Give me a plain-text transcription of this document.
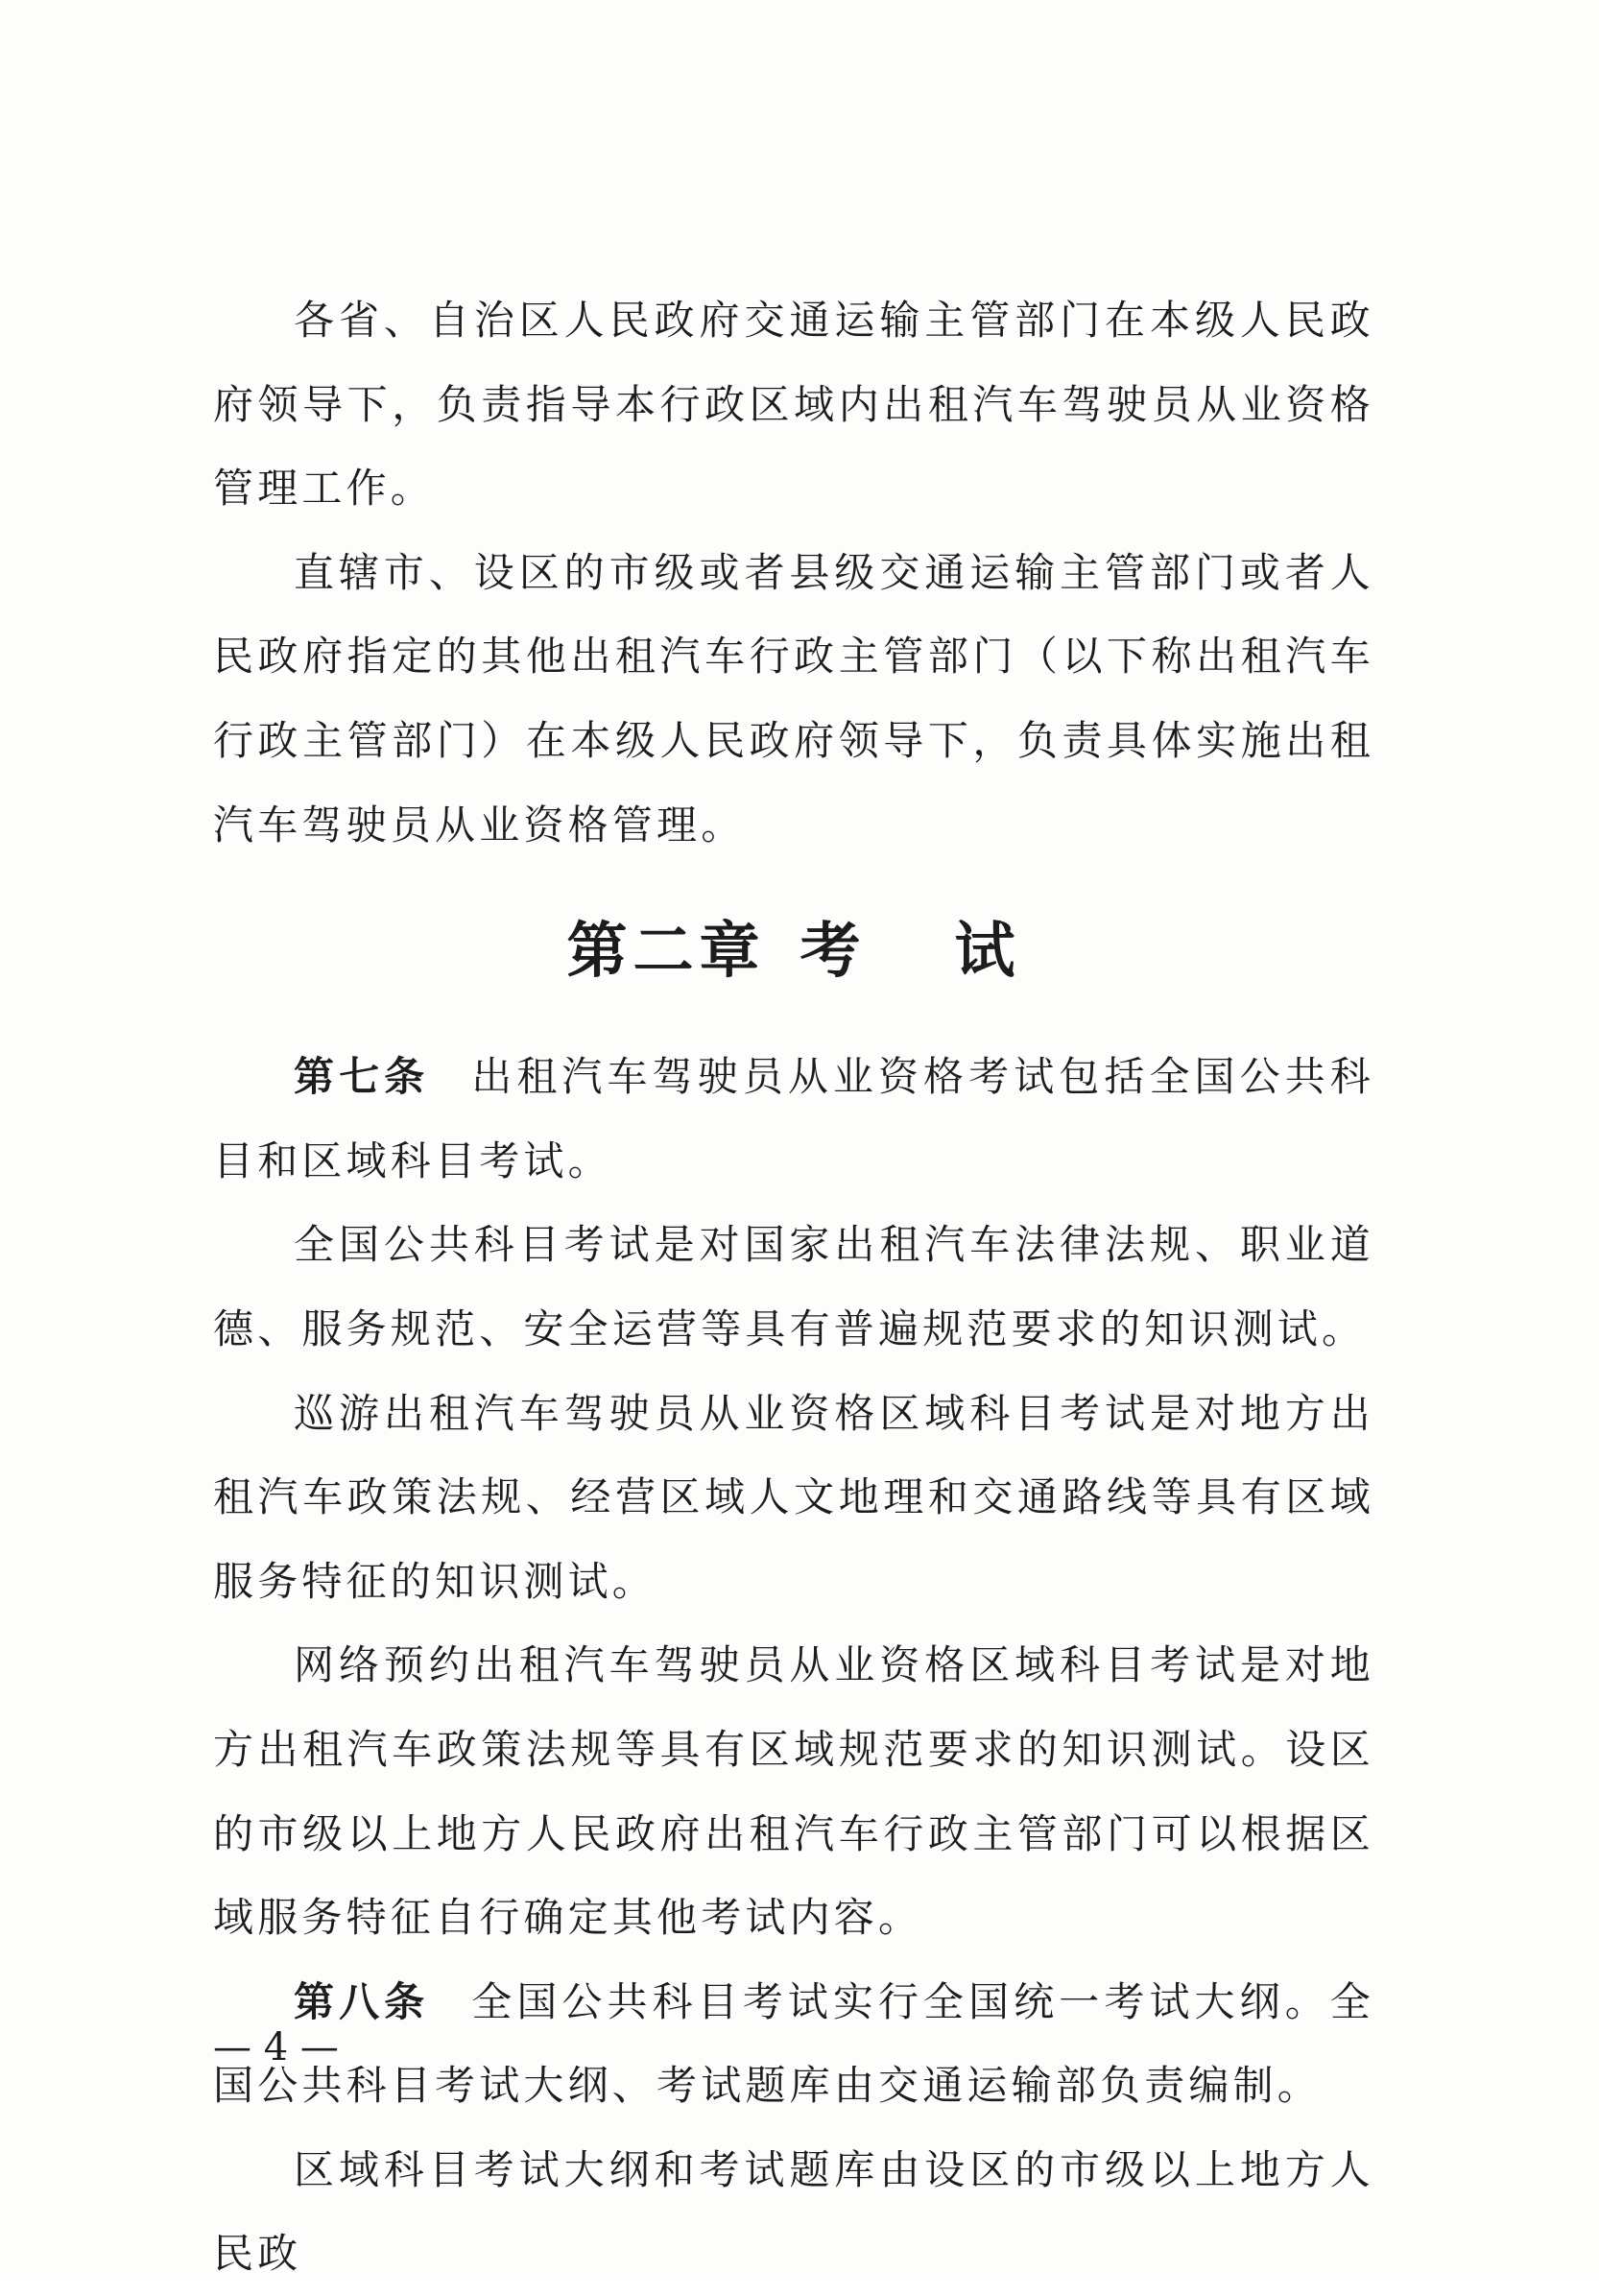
各省、自治区人民政府交通运输主管部门在本级人民政府领导下，负责指导本行政区域内出租汽车驾驶员从业资格管理工作。

直辖市、设区的市级或者县级交通运输主管部门或者人民政府指定的其他出租汽车行政主管部门（以下称出租汽车行政主管部门）在本级人民政府领导下，负责具体实施出租汽车驾驶员从业资格管理。

第二章 考 试

第七条 出租汽车驾驶员从业资格考试包括全国公共科目和区域科目考试。

全国公共科目考试是对国家出租汽车法律法规、职业道德、服务规范、安全运营等具有普遍规范要求的知识测试。

巡游出租汽车驾驶员从业资格区域科目考试是对地方出租汽车政策法规、经营区域人文地理和交通路线等具有区域服务特征的知识测试。

网络预约出租汽车驾驶员从业资格区域科目考试是对地方出租汽车政策法规等具有区域规范要求的知识测试。设区的市级以上地方人民政府出租汽车行政主管部门可以根据区域服务特征自行确定其他考试内容。

第八条 全国公共科目考试实行全国统一考试大纲。全国公共科目考试大纲、考试题库由交通运输部负责编制。

区域科目考试大纲和考试题库由设区的市级以上地方人民政

— 4 —
